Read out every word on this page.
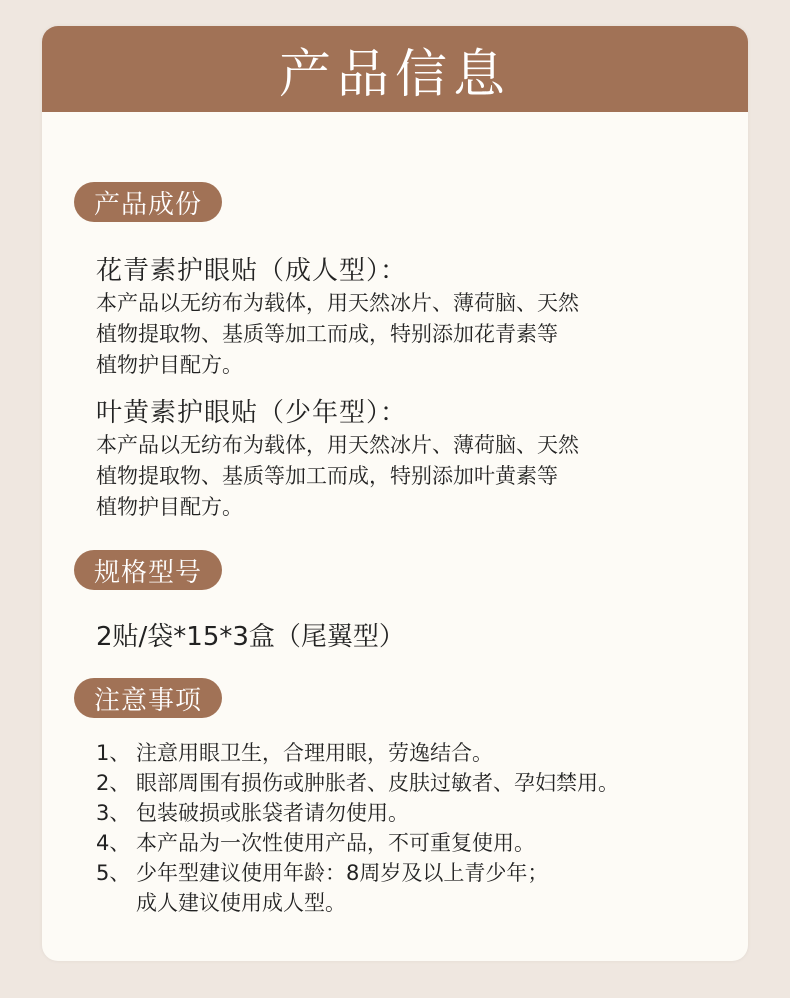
产品信息
产品成份
花青素护眼贴（成人型）：
本产品以无纺布为载体，用天然冰片、薄荷脑、天然
植物提取物、基质等加工而成，特别添加花青素等
植物护目配方。
叶黄素护眼贴（少年型）：
本产品以无纺布为载体，用天然冰片、薄荷脑、天然
植物提取物、基质等加工而成，特别添加叶黄素等
植物护目配方。
规格型号
2贴/袋*15*3盒（尾翼型）
注意事项
1、 注意用眼卫生，合理用眼，劳逸结合。
2、 眼部周围有损伤或肿胀者、皮肤过敏者、孕妇禁用。
3、 包装破损或胀袋者请勿使用。
4、 本产品为一次性使用产品，不可重复使用。
5、 少年型建议使用年龄：8周岁及以上青少年；
成人建议使用成人型。
